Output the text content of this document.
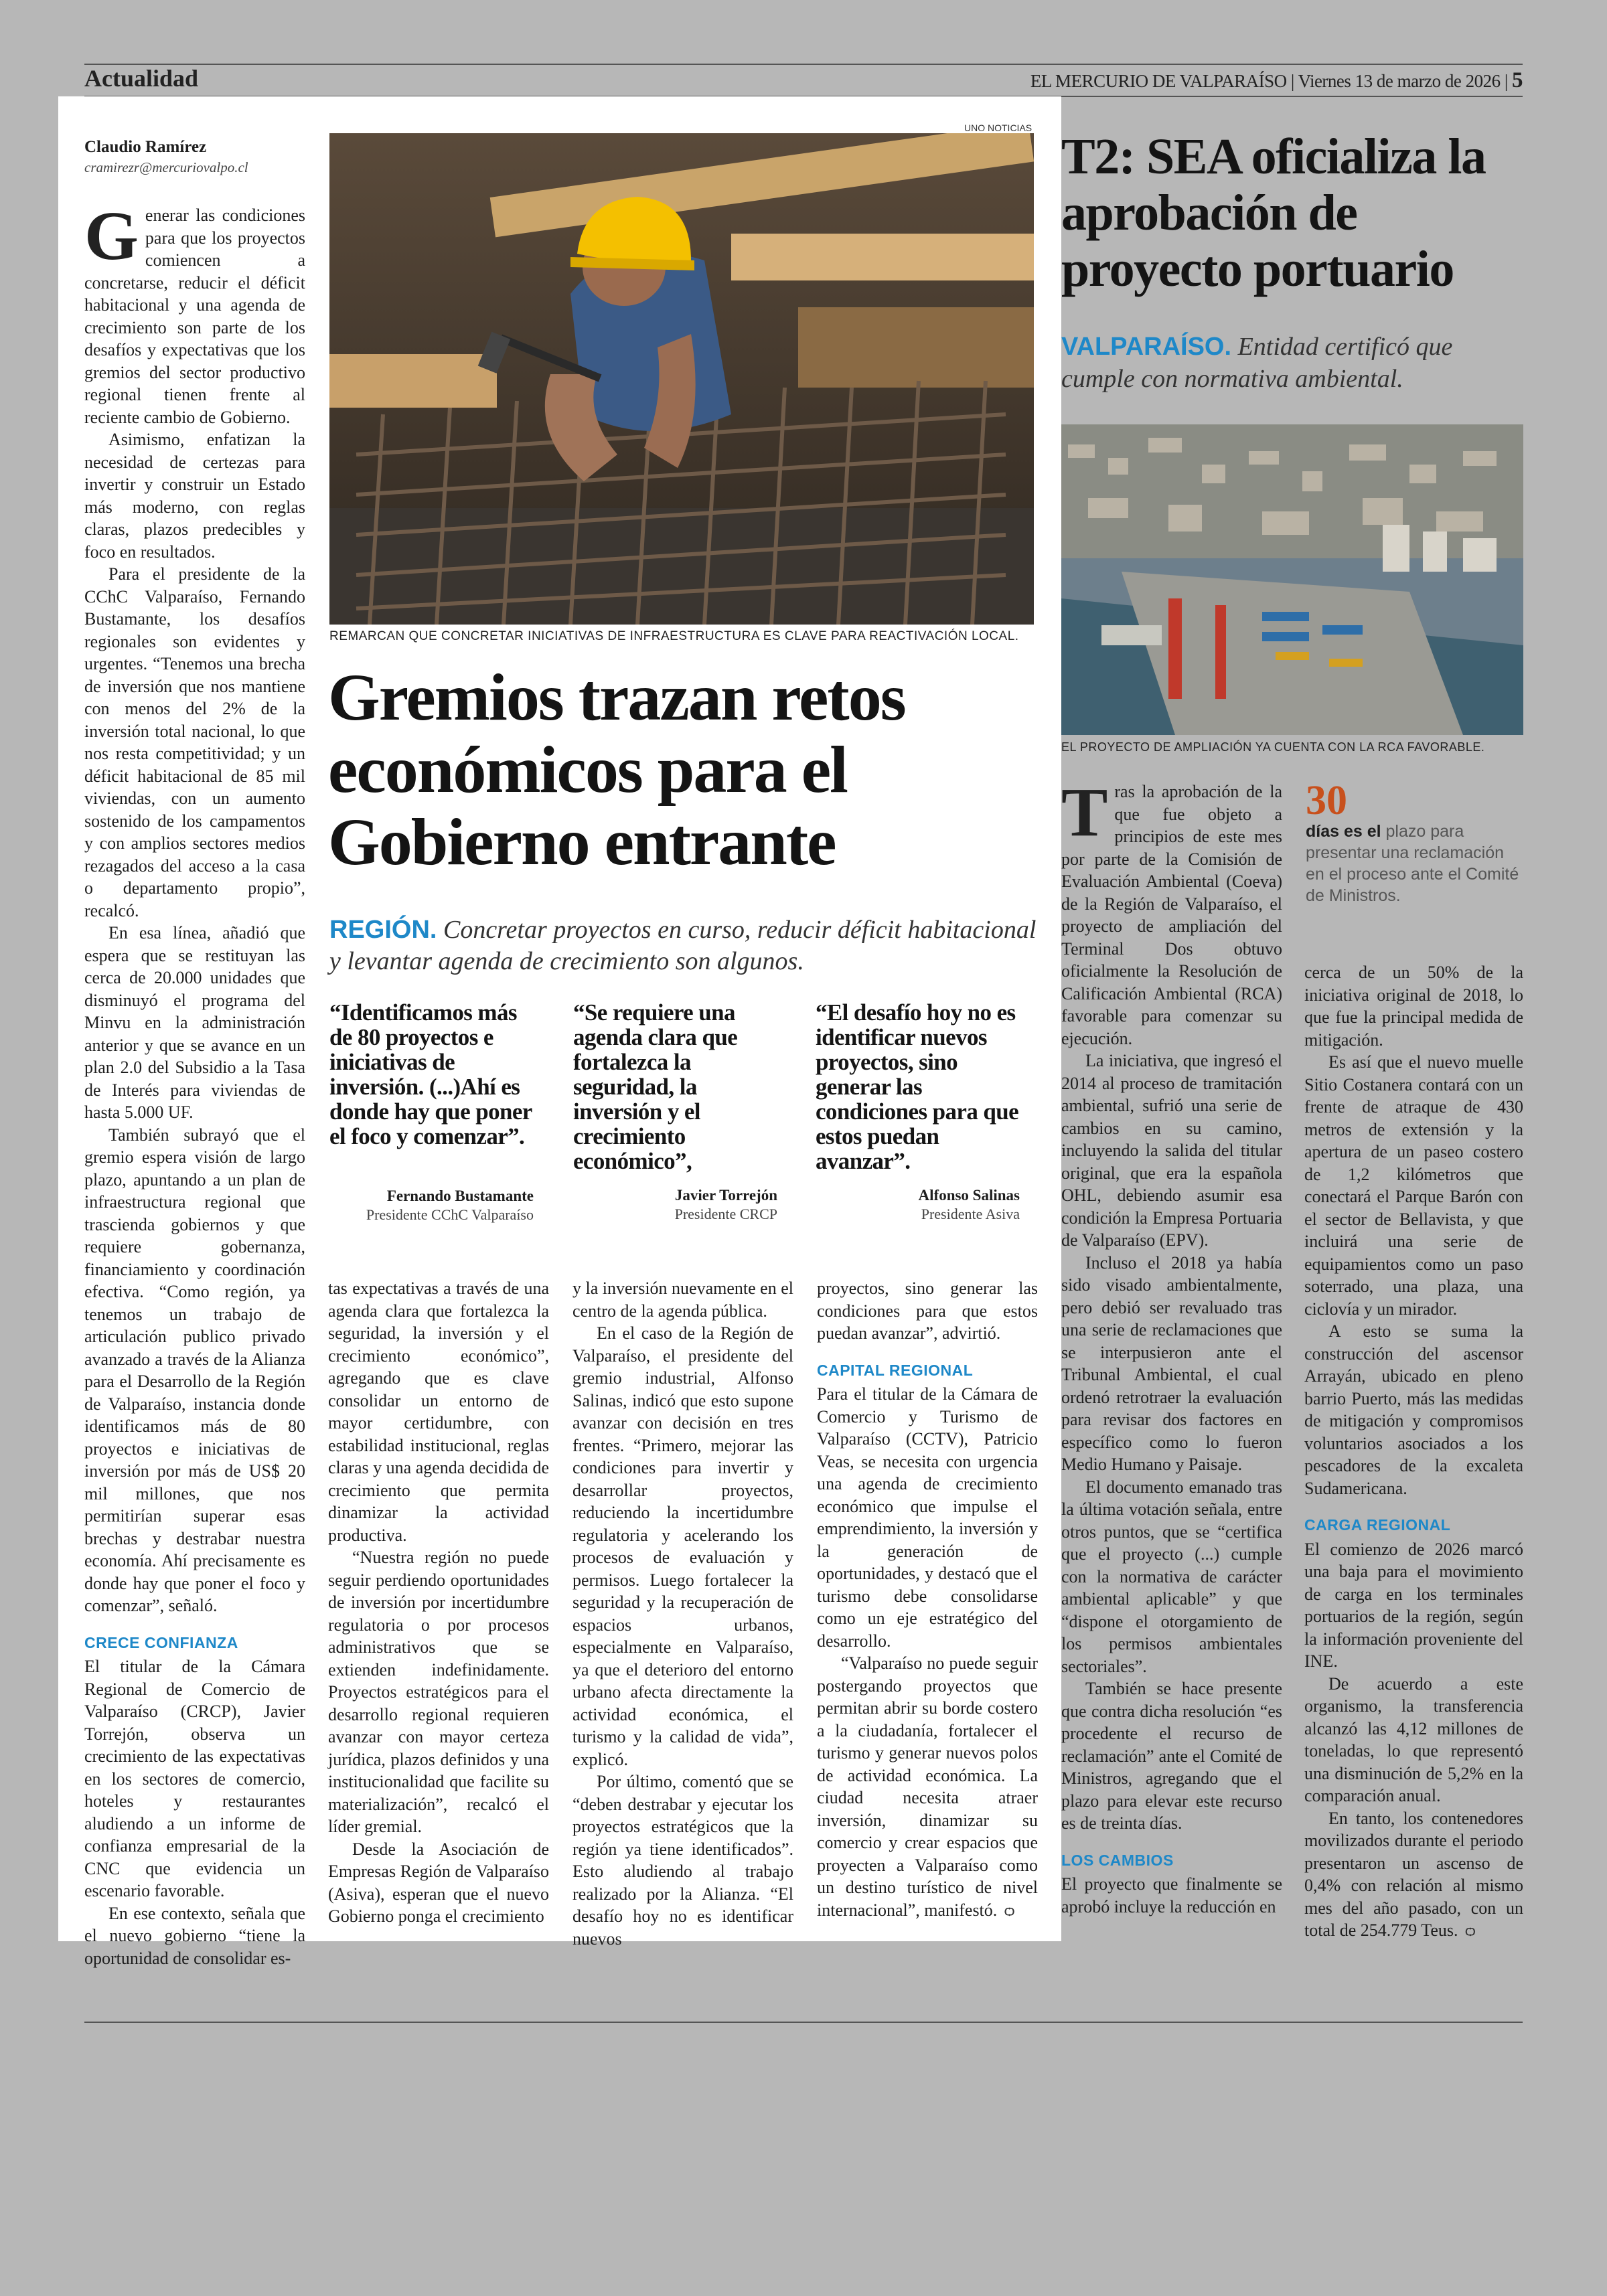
Actualidad	EL MERCURIO DE VALPARAÍSO | Viernes 13 de marzo de 2026 | 5
Claudio Ramírez
cramirezr@mercuriovalpo.cl
UNO NOTICIAS
REMARCAN QUE CONCRETAR INICIATIVAS DE INFRAESTRUCTURA ES CLAVE PARA REACTIVACIÓN LOCAL.
Gremios trazan retos económicos para el Gobierno entrante
REGIÓN. Concretar proyectos en curso, reducir déficit habitacional y levantar agenda de crecimiento son algunos.
“Identificamos más de 80 proyectos e iniciativas de inversión. (...)Ahí es donde hay que poner el foco y comenzar”.
Fernando Bustamante
Presidente CChC Valparaíso
“Se requiere una agenda clara que fortalezca la seguridad, la inversión y el crecimiento económico”,
Javier Torrejón
Presidente CRCP
“El desafío hoy no es identificar nuevos proyectos, sino generar las condiciones para que estos puedan avanzar”.
Alfonso Salinas
Presidente Asiva

Generar las condiciones para que los proyectos comiencen a concretarse, reducir el déficit habitacional y una agenda de crecimiento son parte de los desafíos y expectativas que los gremios del sector productivo regional tienen frente al reciente cambio de Gobierno.

Asimismo, enfatizan la necesidad de certezas para invertir y construir un Estado más moderno, con reglas claras, plazos predecibles y foco en resultados.

Para el presidente de la CChC Valparaíso, Fernando Bustamante, los desafíos regionales son evidentes y urgentes. “Tenemos una brecha de inversión que nos mantiene con menos del 2% de la inversión total nacional, lo que nos resta competitividad; y un déficit habitacional de 85 mil viviendas, con un aumento sostenido de los campamentos y con amplios sectores medios rezagados del acceso a la casa o departamento propio”, recalcó.

En esa línea, añadió que espera que se restituyan las cerca de 20.000 unidades que disminuyó el programa del Minvu en la administración anterior y que se avance en un plan 2.0 del Subsidio a la Tasa de Interés para viviendas de hasta 5.000 UF.

También subrayó que el gremio espera visión de largo plazo, apuntando a un plan de infraestructura regional que trascienda gobiernos y que requiere gobernanza, financiamiento y coordinación efectiva. “Como región, ya tenemos un trabajo de articulación publico privado avanzado a través de la Alianza para el Desarrollo de la Región de Valparaíso, instancia donde identificamos más de 80 proyectos e iniciativas de inversión por más de US$ 20 mil millones, que nos permitirían superar esas brechas y destrabar nuestra economía. Ahí precisamente es donde hay que poner el foco y comenzar”, señaló.

CRECE CONFIANZA

El titular de la Cámara Regional de Comercio de Valparaíso (CRCP), Javier Torrejón, observa un crecimiento de las expectativas en los sectores de comercio, hoteles y restaurantes aludiendo a un informe de confianza empresarial de la CNC que evidencia un escenario favorable.

En ese contexto, señala que el nuevo gobierno “tiene la oportunidad de consolidar es-

tas expectativas a través de una agenda clara que fortalezca la seguridad, la inversión y el crecimiento económico”, agregando que es clave consolidar un entorno de mayor certidumbre, con estabilidad institucional, reglas claras y una agenda decidida de crecimiento que permita dinamizar la actividad productiva.

“Nuestra región no puede seguir perdiendo oportunidades de inversión por incertidumbre regulatoria o por procesos administrativos que se extienden indefinidamente. Proyectos estratégicos para el desarrollo regional requieren avanzar con mayor certeza jurídica, plazos definidos y una institucionalidad que facilite su materialización”, recalcó el líder gremial.

Desde la Asociación de Empresas Región de Valparaíso (Asiva), esperan que el nuevo Gobierno ponga el crecimiento

y la inversión nuevamente en el centro de la agenda pública.

En el caso de la Región de Valparaíso, el presidente del gremio industrial, Alfonso Salinas, indicó que esto supone avanzar con decisión en tres frentes. “Primero, mejorar las condiciones para invertir y desarrollar proyectos, reduciendo la incertidumbre regulatoria y acelerando los procesos de evaluación y permisos. Luego fortalecer la seguridad y la recuperación de espacios urbanos, especialmente en Valparaíso, ya que el deterioro del entorno urbano afecta directamente la actividad económica, el turismo y la calidad de vida”, explicó.

Por último, comentó que se “deben destrabar y ejecutar los proyectos estratégicos que la región ya tiene identificados”. Esto aludiendo al trabajo realizado por la Alianza. “El desafío hoy no es identificar nuevos

proyectos, sino generar las condiciones para que estos puedan avanzar”, advirtió.

CAPITAL REGIONAL

Para el titular de la Cámara de Comercio y Turismo de Valparaíso (CCTV), Patricio Veas, se necesita con urgencia una agenda de crecimiento económico que impulse el emprendimiento, la inversión y la generación de oportunidades, y destacó que el turismo debe consolidarse como un eje estratégico del desarrollo.

“Valparaíso no puede seguir postergando proyectos que permitan abrir su borde costero a la ciudadanía, fortalecer el turismo y generar nuevos polos de actividad económica. La ciudad necesita atraer inversión, dinamizar su comercio y crear espacios que proyecten a Valparaíso como un destino turístico de nivel internacional”, manifestó. ѻ

T2: SEA oficializa la aprobación de proyecto portuario
VALPARAÍSO. Entidad certificó que cumple con normativa ambiental.
EL PROYECTO DE AMPLIACIÓN YA CUENTA CON LA RCA FAVORABLE.
30
días es el plazo para presentar una reclamación en el proceso ante el Comité de Ministros.

Tras la aprobación de la que fue objeto a principios de este mes por parte de la Comisión de Evaluación Ambiental (Coeva) de la Región de Valparaíso, el proyecto de ampliación del Terminal Dos obtuvo oficialmente la Resolución de Calificación Ambiental (RCA) favorable para comenzar su ejecución.

La iniciativa, que ingresó el 2014 al proceso de tramitación ambiental, sufrió una serie de cambios en su camino, incluyendo la salida del titular original, que era la española OHL, debiendo asumir esa condición la Empresa Portuaria de Valparaíso (EPV).

Incluso el 2018 ya había sido visado ambientalmente, pero debió ser revaluado tras una serie de reclamaciones que se interpusieron ante el Tribunal Ambiental, el cual ordenó retrotraer la evaluación para revisar dos factores en específico como lo fueron Medio Humano y Paisaje.

El documento emanado tras la última votación señala, entre otros puntos, que se “certifica que el proyecto (...) cumple con la normativa de carácter ambiental aplicable” y que “dispone el otorgamiento de los permisos ambientales sectoriales”.

También se hace presente que contra dicha resolución “es procedente el recurso de reclamación” ante el Comité de Ministros, agregando que el plazo para elevar este recurso es de treinta días.

LOS CAMBIOS

El proyecto que finalmente se aprobó incluye la reducción en

cerca de un 50% de la iniciativa original de 2018, lo que fue la principal medida de mitigación.

Es así que el nuevo muelle Sitio Costanera contará con un frente de atraque de 430 metros de extensión y la apertura de un paseo costero de 1,2 kilómetros que conectará el Parque Barón con el sector de Bellavista, y que incluirá una serie de equipamientos como un paso soterrado, una plaza, una ciclovía y un mirador.

A esto se suma la construcción del ascensor Arrayán, ubicado en pleno barrio Puerto, más las medidas de mitigación y compromisos voluntarios asociados a los pescadores de la excaleta Sudamericana.

CARGA REGIONAL

El comienzo de 2026 marcó una baja para el movimiento de carga en los terminales portuarios de la región, según la información proveniente del INE.

De acuerdo a este organismo, la transferencia alcanzó las 4,12 millones de toneladas, lo que representó una disminución de 5,2% en la comparación anual.

En tanto, los contenedores movilizados durante el periodo presentaron un ascenso de 0,4% con relación al mismo mes del año pasado, con un total de 254.779 Teus. ѻ
